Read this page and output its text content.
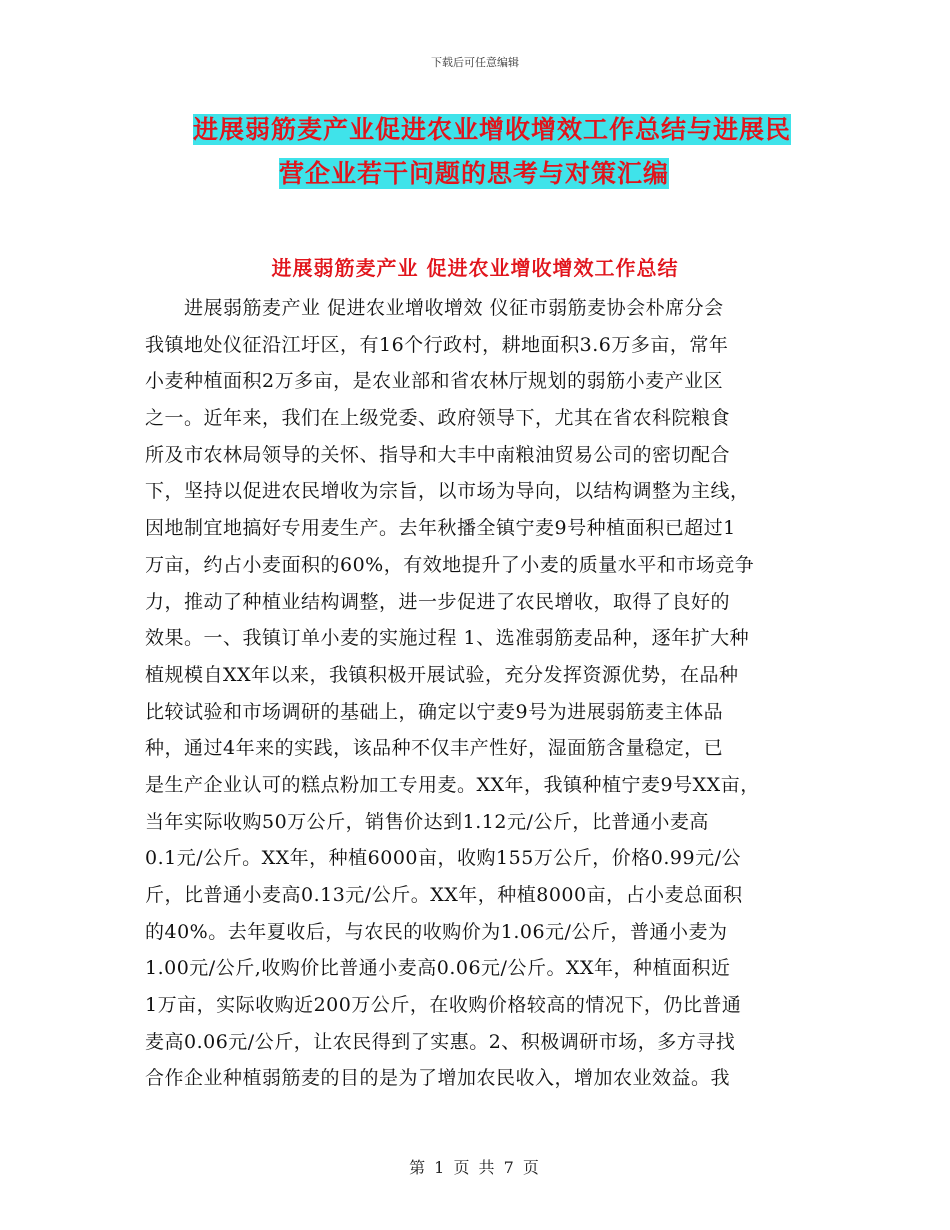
下载后可任意编辑
进展弱筋麦产业促进农业增收增效工作总结与进展民
营企业若干问题的思考与对策汇编
进展弱筋麦产业 促进农业增收增效工作总结
　　进展弱筋麦产业 促进农业增收增效 仪征市弱筋麦协会朴席分会
我镇地处仪征沿江圩区，有16个行政村，耕地面积3.6万多亩，常年
小麦种植面积2万多亩，是农业部和省农林厅规划的弱筋小麦产业区
之一。近年来，我们在上级党委、政府领导下，尤其在省农科院粮食
所及市农林局领导的关怀、指导和大丰中南粮油贸易公司的密切配合
下，坚持以促进农民增收为宗旨，以市场为导向，以结构调整为主线，
因地制宜地搞好专用麦生产。去年秋播全镇宁麦9号种植面积已超过1
万亩，约占小麦面积的60%，有效地提升了小麦的质量水平和市场竞争
力，推动了种植业结构调整，进一步促进了农民增收，取得了良好的
效果。一、我镇订单小麦的实施过程 1、选准弱筋麦品种，逐年扩大种
植规模自XX年以来，我镇积极开展试验，充分发挥资源优势，在品种
比较试验和市场调研的基础上，确定以宁麦9号为进展弱筋麦主体品
种，通过4年来的实践，该品种不仅丰产性好，湿面筋含量稳定，已
是生产企业认可的糕点粉加工专用麦。XX年，我镇种植宁麦9号XX亩，
当年实际收购50万公斤，销售价达到1.12元/公斤，比普通小麦高
0.1元/公斤。XX年，种植6000亩，收购155万公斤，价格0.99元/公
斤，比普通小麦高0.13元/公斤。XX年，种植8000亩，占小麦总面积
的40%。去年夏收后，与农民的收购价为1.06元/公斤，普通小麦为
1.00元/公斤,收购价比普通小麦高0.06元/公斤。XX年，种植面积近
1万亩，实际收购近200万公斤，在收购价格较高的情况下，仍比普通
麦高0.06元/公斤，让农民得到了实惠。2、积极调研市场，多方寻找
合作企业种植弱筋麦的目的是为了增加农民收入，增加农业效益。我
第 1 页 共 7 页
